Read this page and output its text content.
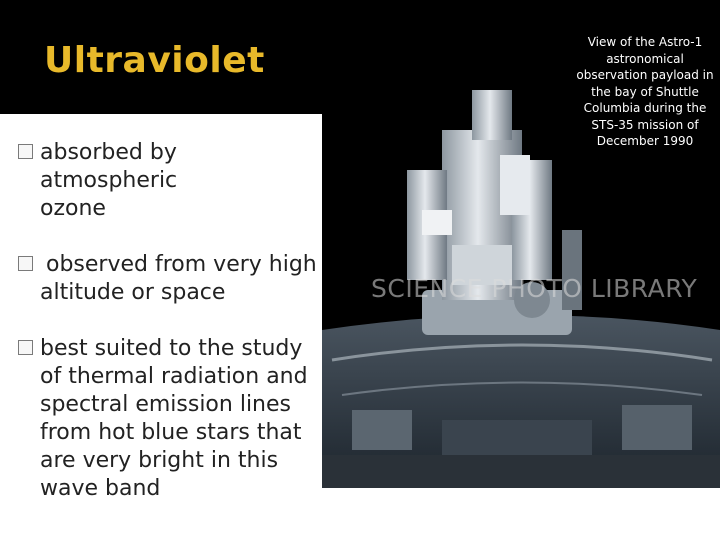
Ultraviolet
absorbed by atmospheric ozone
observed from very high altitude or space
best suited to the study of thermal radiation and spectral emission lines from hot blue stars that are very bright in this wave band
View of the Astro-1 astronomical observation payload in the bay of Shuttle Columbia during the STS-35 mission of December 1990
SCIENCE PHOTO LIBRARY
